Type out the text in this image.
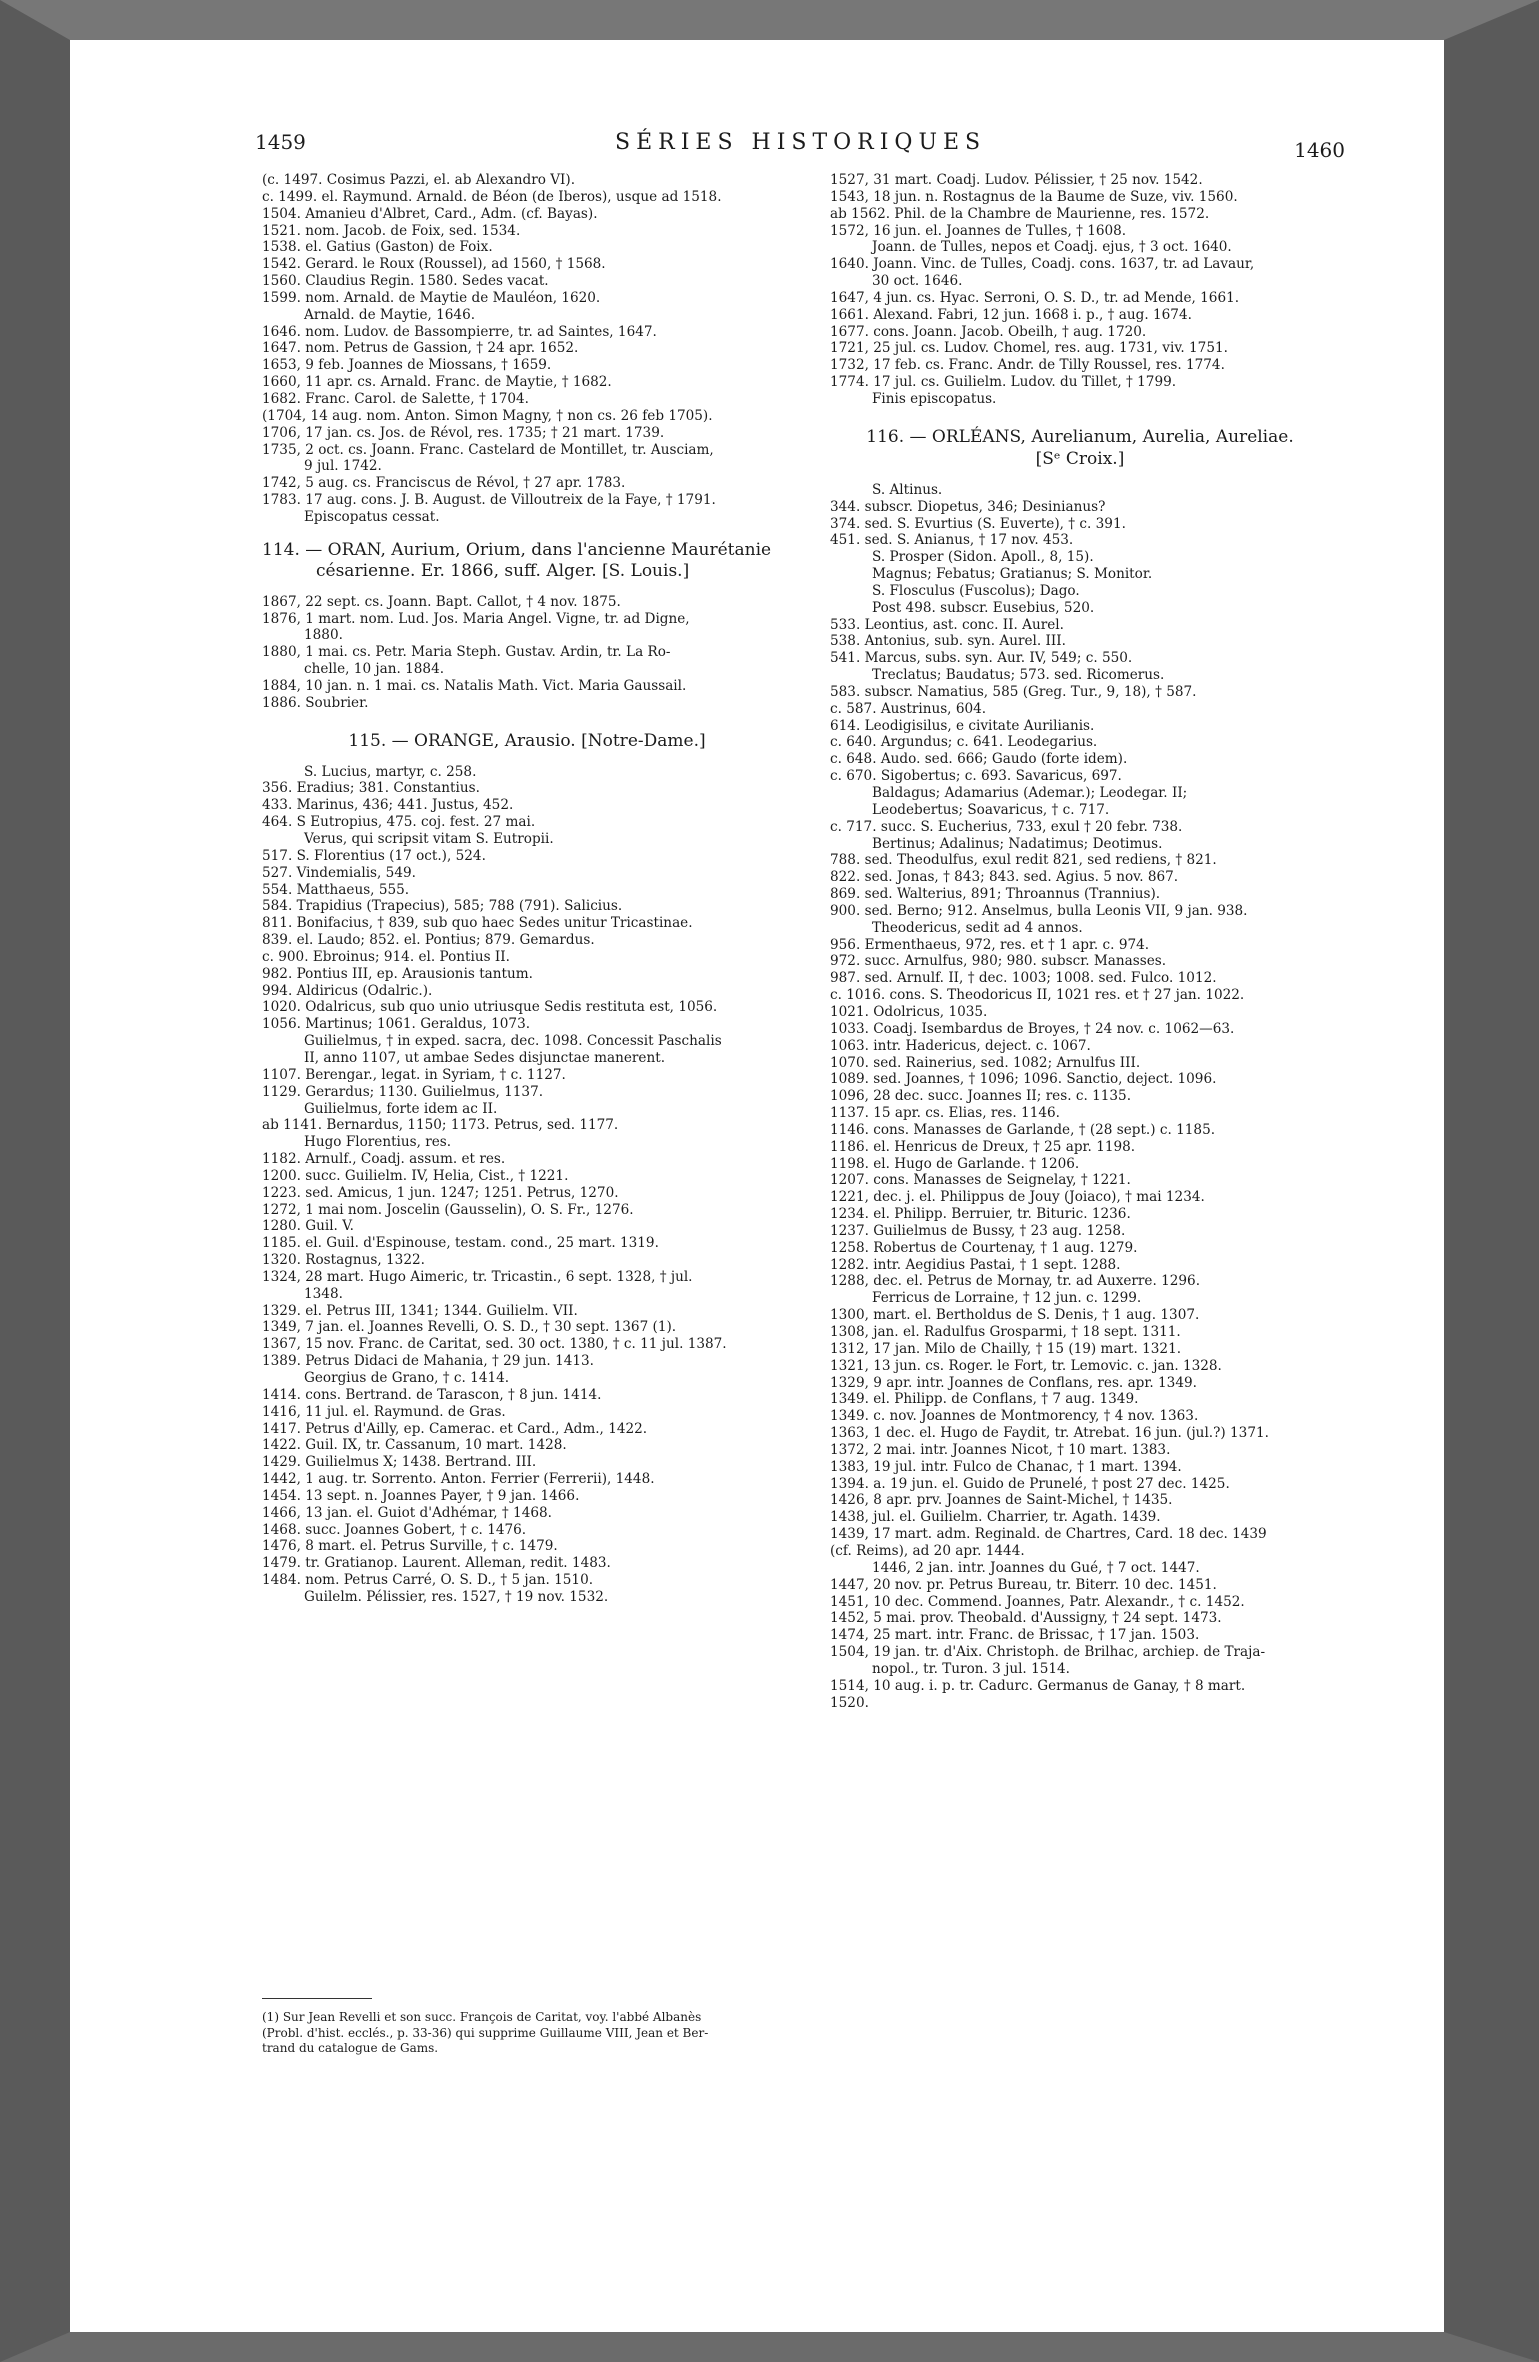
1459	SÉRIES HISTORIQUES	1460
(c. 1497. Cosimus Pazzi, el. ab Alexandro VI).
c. 1499. el. Raymund. Arnald. de Béon (de Iberos), usque ad 1518.
1504. Amanieu d'Albret, Card., Adm. (cf. Bayas).
1521. nom. Jacob. de Foix, sed. 1534.
1538. el. Gatius (Gaston) de Foix.
1542. Gerard. le Roux (Roussel), ad 1560, † 1568.
1560. Claudius Regin. 1580. Sedes vacat.
1599. nom. Arnald. de Maytie de Mauléon, 1620.
Arnald. de Maytie, 1646.
1646. nom. Ludov. de Bassompierre, tr. ad Saintes, 1647.
1647. nom. Petrus de Gassion, † 24 apr. 1652.
1653, 9 feb. Joannes de Miossans, † 1659.
1660, 11 apr. cs. Arnald. Franc. de Maytie, † 1682.
1682. Franc. Carol. de Salette, † 1704.
(1704, 14 aug. nom. Anton. Simon Magny, † non cs. 26 feb 1705).
1706, 17 jan. cs. Jos. de Révol, res. 1735; † 21 mart. 1739.
1735, 2 oct. cs. Joann. Franc. Castelard de Montillet, tr. Ausciam,
9 jul. 1742.
1742, 5 aug. cs. Franciscus de Révol, † 27 apr. 1783.
1783. 17 aug. cons. J. B. August. de Villoutreix de la Faye, † 1791.
Episcopatus cessat.
114. — ORAN, Aurium, Orium, dans l'ancienne Maurétanie
césarienne. Er. 1866, suff. Alger. [S. Louis.]
1867, 22 sept. cs. Joann. Bapt. Callot, † 4 nov. 1875.
1876, 1 mart. nom. Lud. Jos. Maria Angel. Vigne, tr. ad Digne,
1880.
1880, 1 mai. cs. Petr. Maria Steph. Gustav. Ardin, tr. La Ro-
chelle, 10 jan. 1884.
1884, 10 jan. n. 1 mai. cs. Natalis Math. Vict. Maria Gaussail.
1886. Soubrier.
115. — ORANGE, Arausio. [Notre-Dame.]
S. Lucius, martyr, c. 258.
356. Eradius; 381. Constantius.
433. Marinus, 436; 441. Justus, 452.
464. S Eutropius, 475. coj. fest. 27 mai.
Verus, qui scripsit vitam S. Eutropii.
517. S. Florentius (17 oct.), 524.
527. Vindemialis, 549.
554. Matthaeus, 555.
584. Trapidius (Trapecius), 585; 788 (791). Salicius.
811. Bonifacius, † 839, sub quo haec Sedes unitur Tricastinae.
839. el. Laudo; 852. el. Pontius; 879. Gemardus.
c. 900. Ebroinus; 914. el. Pontius II.
982. Pontius III, ep. Arausionis tantum.
994. Aldiricus (Odalric.).
1020. Odalricus, sub quo unio utriusque Sedis restituta est, 1056.
1056. Martinus; 1061. Geraldus, 1073.
Guilielmus, † in exped. sacra, dec. 1098. Concessit Paschalis
II, anno 1107, ut ambae Sedes disjunctae manerent.
1107. Berengar., legat. in Syriam, † c. 1127.
1129. Gerardus; 1130. Guilielmus, 1137.
Guilielmus, forte idem ac II.
ab 1141. Bernardus, 1150; 1173. Petrus, sed. 1177.
Hugo Florentius, res.
1182. Arnulf., Coadj. assum. et res.
1200. succ. Guilielm. IV, Helia, Cist., † 1221.
1223. sed. Amicus, 1 jun. 1247; 1251. Petrus, 1270.
1272, 1 mai nom. Joscelin (Gausselin), O. S. Fr., 1276.
1280. Guil. V.
1185. el. Guil. d'Espinouse, testam. cond., 25 mart. 1319.
1320. Rostagnus, 1322.
1324, 28 mart. Hugo Aimeric, tr. Tricastin., 6 sept. 1328, † jul.
1348.
1329. el. Petrus III, 1341; 1344. Guilielm. VII.
1349, 7 jan. el. Joannes Revelli, O. S. D., † 30 sept. 1367 (1).
1367, 15 nov. Franc. de Caritat, sed. 30 oct. 1380, † c. 11 jul. 1387.
1389. Petrus Didaci de Mahania, † 29 jun. 1413.
Georgius de Grano, † c. 1414.
1414. cons. Bertrand. de Tarascon, † 8 jun. 1414.
1416, 11 jul. el. Raymund. de Gras.
1417. Petrus d'Ailly, ep. Camerac. et Card., Adm., 1422.
1422. Guil. IX, tr. Cassanum, 10 mart. 1428.
1429. Guilielmus X; 1438. Bertrand. III.
1442, 1 aug. tr. Sorrento. Anton. Ferrier (Ferrerii), 1448.
1454. 13 sept. n. Joannes Payer, † 9 jan. 1466.
1466, 13 jan. el. Guiot d'Adhémar, † 1468.
1468. succ. Joannes Gobert, † c. 1476.
1476, 8 mart. el. Petrus Surville, † c. 1479.
1479. tr. Gratianop. Laurent. Alleman, redit. 1483.
1484. nom. Petrus Carré, O. S. D., † 5 jan. 1510.
Guilelm. Pélissier, res. 1527, † 19 nov. 1532.
(1) Sur Jean Revelli et son succ. François de Caritat, voy. l'abbé Albanès
(Probl. d'hist. ecclés., p. 33-36) qui supprime Guillaume VIII, Jean et Ber-
trand du catalogue de Gams.
1527, 31 mart. Coadj. Ludov. Pélissier, † 25 nov. 1542.
1543, 18 jun. n. Rostagnus de la Baume de Suze, viv. 1560.
ab 1562. Phil. de la Chambre de Maurienne, res. 1572.
1572, 16 jun. el. Joannes de Tulles, † 1608.
Joann. de Tulles, nepos et Coadj. ejus, † 3 oct. 1640.
1640. Joann. Vinc. de Tulles, Coadj. cons. 1637, tr. ad Lavaur,
30 oct. 1646.
1647, 4 jun. cs. Hyac. Serroni, O. S. D., tr. ad Mende, 1661.
1661. Alexand. Fabri, 12 jun. 1668 i. p., † aug. 1674.
1677. cons. Joann. Jacob. Obeilh, † aug. 1720.
1721, 25 jul. cs. Ludov. Chomel, res. aug. 1731, viv. 1751.
1732, 17 feb. cs. Franc. Andr. de Tilly Roussel, res. 1774.
1774. 17 jul. cs. Guilielm. Ludov. du Tillet, † 1799.
Finis episcopatus.
116. — ORLÉANS, Aurelianum, Aurelia, Aureliae.
[Sᵉ Croix.]
S. Altinus.
344. subscr. Diopetus, 346; Desinianus?
374. sed. S. Evurtius (S. Euverte), † c. 391.
451. sed. S. Anianus, † 17 nov. 453.
S. Prosper (Sidon. Apoll., 8, 15).
Magnus; Febatus; Gratianus; S. Monitor.
S. Flosculus (Fuscolus); Dago.
Post 498. subscr. Eusebius, 520.
533. Leontius, ast. conc. II. Aurel.
538. Antonius, sub. syn. Aurel. III.
541. Marcus, subs. syn. Aur. IV, 549; c. 550.
Treclatus; Baudatus; 573. sed. Ricomerus.
583. subscr. Namatius, 585 (Greg. Tur., 9, 18), † 587.
c. 587. Austrinus, 604.
614. Leodigisilus, e civitate Aurilianis.
c. 640. Argundus; c. 641. Leodegarius.
c. 648. Audo. sed. 666; Gaudo (forte idem).
c. 670. Sigobertus; c. 693. Savaricus, 697.
Baldagus; Adamarius (Ademar.); Leodegar. II;
Leodebertus; Soavaricus, † c. 717.
c. 717. succ. S. Eucherius, 733, exul † 20 febr. 738.
Bertinus; Adalinus; Nadatimus; Deotimus.
788. sed. Theodulfus, exul redit 821, sed rediens, † 821.
822. sed. Jonas, † 843; 843. sed. Agius. 5 nov. 867.
869. sed. Walterius, 891; Throannus (Trannius).
900. sed. Berno; 912. Anselmus, bulla Leonis VII, 9 jan. 938.
Theodericus, sedit ad 4 annos.
956. Ermenthaeus, 972, res. et † 1 apr. c. 974.
972. succ. Arnulfus, 980; 980. subscr. Manasses.
987. sed. Arnulf. II, † dec. 1003; 1008. sed. Fulco. 1012.
c. 1016. cons. S. Theodoricus II, 1021 res. et † 27 jan. 1022.
1021. Odolricus, 1035.
1033. Coadj. Isembardus de Broyes, † 24 nov. c. 1062—63.
1063. intr. Hadericus, deject. c. 1067.
1070. sed. Rainerius, sed. 1082; Arnulfus III.
1089. sed. Joannes, † 1096; 1096. Sanctio, deject. 1096.
1096, 28 dec. succ. Joannes II; res. c. 1135.
1137. 15 apr. cs. Elias, res. 1146.
1146. cons. Manasses de Garlande, † (28 sept.) c. 1185.
1186. el. Henricus de Dreux, † 25 apr. 1198.
1198. el. Hugo de Garlande. † 1206.
1207. cons. Manasses de Seignelay, † 1221.
1221, dec. j. el. Philippus de Jouy (Joiaco), † mai 1234.
1234. el. Philipp. Berruier, tr. Bituric. 1236.
1237. Guilielmus de Bussy, † 23 aug. 1258.
1258. Robertus de Courtenay, † 1 aug. 1279.
1282. intr. Aegidius Pastai, † 1 sept. 1288.
1288, dec. el. Petrus de Mornay, tr. ad Auxerre. 1296.
Ferricus de Lorraine, † 12 jun. c. 1299.
1300, mart. el. Bertholdus de S. Denis, † 1 aug. 1307.
1308, jan. el. Radulfus Grosparmi, † 18 sept. 1311.
1312, 17 jan. Milo de Chailly, † 15 (19) mart. 1321.
1321, 13 jun. cs. Roger. le Fort, tr. Lemovic. c. jan. 1328.
1329, 9 apr. intr. Joannes de Conflans, res. apr. 1349.
1349. el. Philipp. de Conflans, † 7 aug. 1349.
1349. c. nov. Joannes de Montmorency, † 4 nov. 1363.
1363, 1 dec. el. Hugo de Faydit, tr. Atrebat. 16 jun. (jul.?) 1371.
1372, 2 mai. intr. Joannes Nicot, † 10 mart. 1383.
1383, 19 jul. intr. Fulco de Chanac, † 1 mart. 1394.
1394. a. 19 jun. el. Guido de Prunelé, † post 27 dec. 1425.
1426, 8 apr. prv. Joannes de Saint-Michel, † 1435.
1438, jul. el. Guilielm. Charrier, tr. Agath. 1439.
1439, 17 mart. adm. Reginald. de Chartres, Card. 18 dec. 1439
(cf. Reims), ad 20 apr. 1444.
1446, 2 jan. intr. Joannes du Gué, † 7 oct. 1447.
1447, 20 nov. pr. Petrus Bureau, tr. Biterr. 10 dec. 1451.
1451, 10 dec. Commend. Joannes, Patr. Alexandr., † c. 1452.
1452, 5 mai. prov. Theobald. d'Aussigny, † 24 sept. 1473.
1474, 25 mart. intr. Franc. de Brissac, † 17 jan. 1503.
1504, 19 jan. tr. d'Aix. Christoph. de Brilhac, archiep. de Traja-
nopol., tr. Turon. 3 jul. 1514.
1514, 10 aug. i. p. tr. Cadurc. Germanus de Ganay, † 8 mart.
1520.
